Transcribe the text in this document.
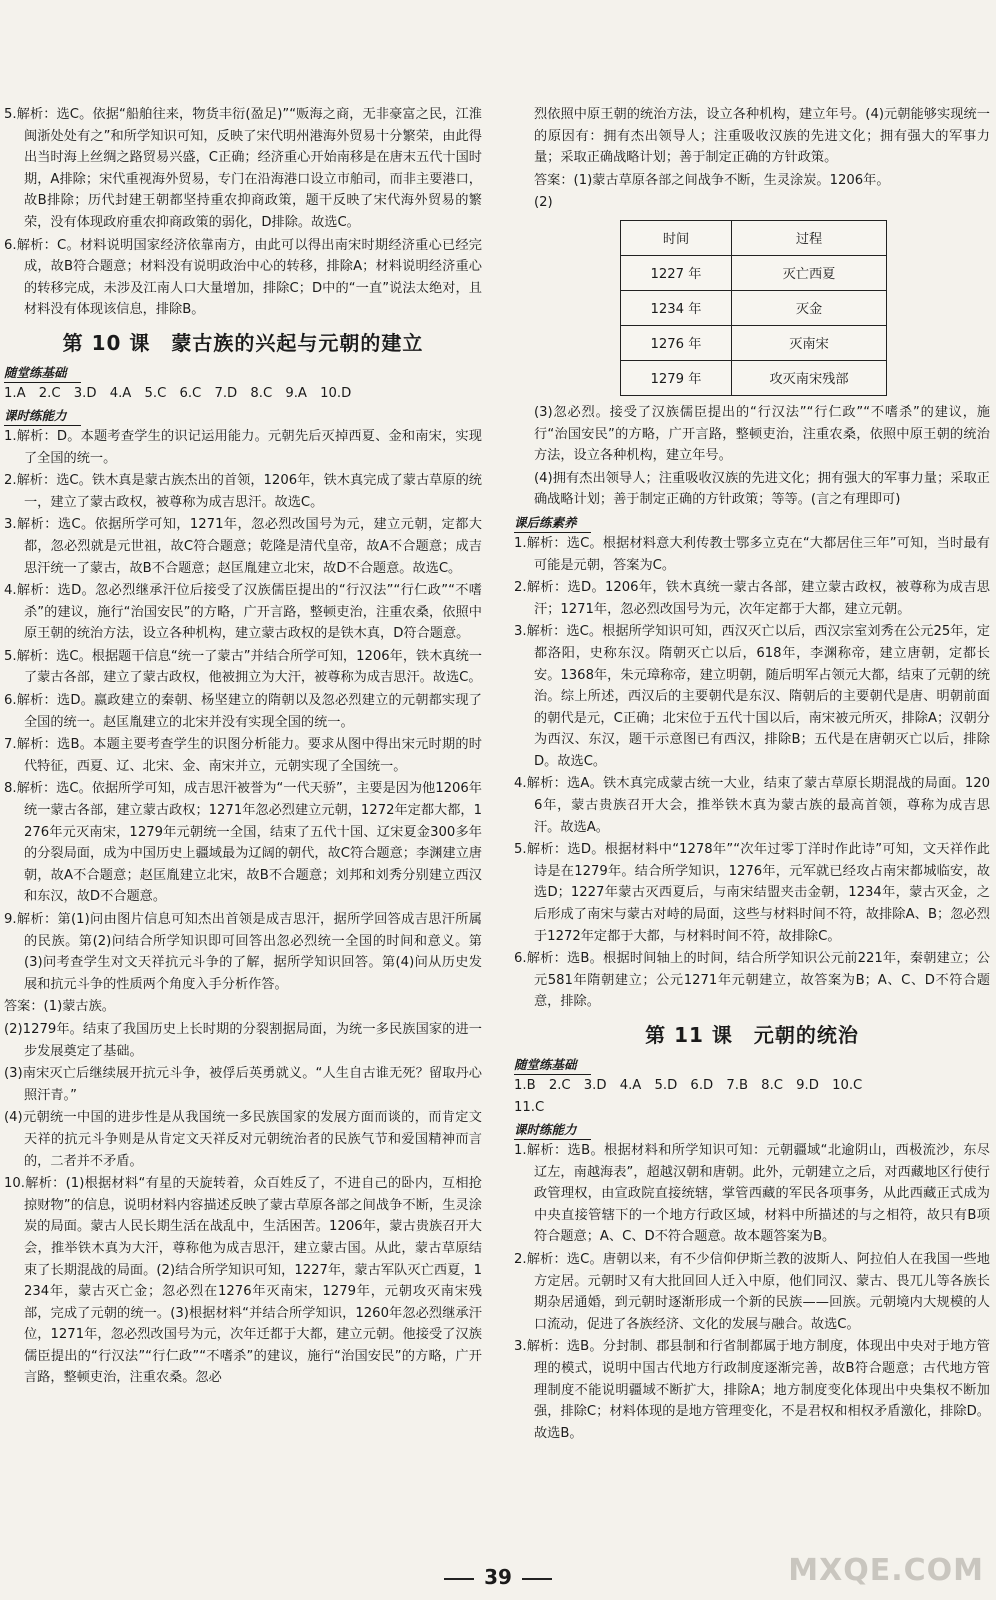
5.解析：选C。依据“船舶往来，物货丰衍(盈足)”“贩海之商，无非豪富之民，江淮闽浙处处有之”和所学知识可知，反映了宋代明州港海外贸易十分繁荣，由此得出当时海上丝绸之路贸易兴盛，C正确；经济重心开始南移是在唐末五代十国时期，A排除；宋代重视海外贸易，专门在沿海港口设立市舶司，而非主要港口，故B排除；历代封建王朝都坚持重农抑商政策，题干反映了宋代海外贸易的繁荣，没有体现政府重农抑商政策的弱化，D排除。故选C。

6.解析：C。材料说明国家经济依靠南方，由此可以得出南宋时期经济重心已经完成，故B符合题意；材料没有说明政治中心的转移，排除A；材料说明经济重心的转移完成，未涉及江南人口大量增加，排除C；D中的“一直”说法太绝对，且材料没有体现该信息，排除B。

第 10 课　蒙古族的兴起与元朝的建立
随堂练基础

1.A　2.C　3.D　4.A　5.C　6.C　7.D　8.C　9.A　10.D

课时练能力

1.解析：D。本题考查学生的识记运用能力。元朝先后灭掉西夏、金和南宋，实现了全国的统一。

2.解析：选C。铁木真是蒙古族杰出的首领，1206年，铁木真完成了蒙古草原的统一，建立了蒙古政权，被尊称为成吉思汗。故选C。

3.解析：选C。依据所学可知，1271年，忽必烈改国号为元，建立元朝，定都大都，忽必烈就是元世祖，故C符合题意；乾隆是清代皇帝，故A不合题意；成吉思汗统一了蒙古，故B不合题意；赵匡胤建立北宋，故D不合题意。故选C。

4.解析：选D。忽必烈继承汗位后接受了汉族儒臣提出的“行汉法”“行仁政”“不嗜杀”的建议，施行“治国安民”的方略，广开言路，整顿吏治，注重农桑，依照中原王朝的统治方法，设立各种机构，建立蒙古政权的是铁木真，D符合题意。

5.解析：选C。根据题干信息“统一了蒙古”并结合所学可知，1206年，铁木真统一了蒙古各部，建立了蒙古政权，他被拥立为大汗，被尊称为成吉思汗。故选C。

6.解析：选D。嬴政建立的秦朝、杨坚建立的隋朝以及忽必烈建立的元朝都实现了全国的统一。赵匡胤建立的北宋并没有实现全国的统一。

7.解析：选B。本题主要考查学生的识图分析能力。要求从图中得出宋元时期的时代特征，西夏、辽、北宋、金、南宋并立，元朝实现了全国统一。

8.解析：选C。依据所学可知，成吉思汗被誉为“一代天骄”，主要是因为他1206年统一蒙古各部，建立蒙古政权；1271年忽必烈建立元朝，1272年定都大都，1276年元灭南宋，1279年元朝统一全国，结束了五代十国、辽宋夏金300多年的分裂局面，成为中国历史上疆域最为辽阔的朝代，故C符合题意；李渊建立唐朝，故A不合题意；赵匡胤建立北宋，故B不合题意；刘邦和刘秀分别建立西汉和东汉，故D不合题意。

9.解析：第(1)问由图片信息可知杰出首领是成吉思汗，据所学回答成吉思汗所属的民族。第(2)问结合所学知识即可回答出忽必烈统一全国的时间和意义。第(3)问考查学生对文天祥抗元斗争的了解，据所学知识回答。第(4)问从历史发展和抗元斗争的性质两个角度入手分析作答。

答案：(1)蒙古族。

(2)1279年。结束了我国历史上长时期的分裂割据局面，为统一多民族国家的进一步发展奠定了基础。

(3)南宋灭亡后继续展开抗元斗争，被俘后英勇就义。“人生自古谁无死？留取丹心照汗青。”

(4)元朝统一中国的进步性是从我国统一多民族国家的发展方面而谈的，而肯定文天祥的抗元斗争则是从肯定文天祥反对元朝统治者的民族气节和爱国精神而言的，二者并不矛盾。

10.解析：(1)根据材料“有星的天旋转着，众百姓反了，不进自己的卧内，互相抢掠财物”的信息，说明材料内容描述反映了蒙古草原各部之间战争不断，生灵涂炭的局面。蒙古人民长期生活在战乱中，生活困苦。1206年，蒙古贵族召开大会，推举铁木真为大汗，尊称他为成吉思汗，建立蒙古国。从此，蒙古草原结束了长期混战的局面。(2)结合所学知识可知，1227年，蒙古军队灭亡西夏，1234年，蒙古灭亡金；忽必烈在1276年灭南宋，1279年，元朝攻灭南宋残部，完成了元朝的统一。(3)根据材料“并结合所学知识，1260年忽必烈继承汗位，1271年，忽必烈改国号为元，次年迁都于大都，建立元朝。他接受了汉族儒臣提出的“行汉法”“行仁政”“不嗜杀”的建议，施行“治国安民”的方略，广开言路，整顿吏治，注重农桑。忽必

烈依照中原王朝的统治方法，设立各种机构，建立年号。(4)元朝能够实现统一的原因有：拥有杰出领导人；注重吸收汉族的先进文化；拥有强大的军事力量；采取正确战略计划；善于制定正确的方针政策。

答案：(1)蒙古草原各部之间战争不断，生灵涂炭。1206年。

(2)

时间	过程
1227 年	灭亡西夏
1234 年	灭金
1276 年	灭南宋
1279 年	攻灭南宋残部

(3)忽必烈。接受了汉族儒臣提出的“行汉法”“行仁政”“不嗜杀”的建议，施行“治国安民”的方略，广开言路，整顿吏治，注重农桑，依照中原王朝的统治方法，设立各种机构，建立年号。

(4)拥有杰出领导人；注重吸收汉族的先进文化；拥有强大的军事力量；采取正确战略计划；善于制定正确的方针政策；等等。(言之有理即可)

课后练素养

1.解析：选C。根据材料意大利传教士鄂多立克在“大都居住三年”可知，当时最有可能是元朝，答案为C。

2.解析：选D。1206年，铁木真统一蒙古各部，建立蒙古政权，被尊称为成吉思汗；1271年，忽必烈改国号为元，次年定都于大都，建立元朝。

3.解析：选C。根据所学知识可知，西汉灭亡以后，西汉宗室刘秀在公元25年，定都洛阳，史称东汉。隋朝灭亡以后，618年，李渊称帝，建立唐朝，定都长安。1368年，朱元璋称帝，建立明朝，随后明军占领元大都，结束了元朝的统治。综上所述，西汉后的主要朝代是东汉、隋朝后的主要朝代是唐、明朝前面的朝代是元，C正确；北宋位于五代十国以后，南宋被元所灭，排除A；汉朝分为西汉、东汉，题干示意图已有西汉，排除B；五代是在唐朝灭亡以后，排除D。故选C。

4.解析：选A。铁木真完成蒙古统一大业，结束了蒙古草原长期混战的局面。1206年，蒙古贵族召开大会，推举铁木真为蒙古族的最高首领，尊称为成吉思汗。故选A。

5.解析：选D。根据材料中“1278年”“次年过零丁洋时作此诗”可知，文天祥作此诗是在1279年。结合所学知识，1276年，元军就已经攻占南宋都城临安，故选D；1227年蒙古灭西夏后，与南宋结盟夹击金朝，1234年，蒙古灭金，之后形成了南宋与蒙古对峙的局面，这些与材料时间不符，故排除A、B；忽必烈于1272年定都于大都，与材料时间不符，故排除C。

6.解析：选B。根据时间轴上的时间，结合所学知识公元前221年，秦朝建立；公元581年隋朝建立；公元1271年元朝建立，故答案为B；A、C、D不符合题意，排除。

第 11 课　元朝的统治
随堂练基础

1.B　2.C　3.D　4.A　5.D　6.D　7.B　8.C　9.D　10.C

11.C

课时练能力

1.解析：选B。根据材料和所学知识可知：元朝疆域“北逾阴山，西极流沙，东尽辽左，南越海表”，超越汉朝和唐朝。此外，元朝建立之后，对西藏地区行使行政管理权，由宣政院直接统辖，掌管西藏的军民各项事务，从此西藏正式成为中央直接管辖下的一个地方行政区域，材料中所描述的与之相符，故只有B项符合题意；A、C、D不符合题意。故本题答案为B。

2.解析：选C。唐朝以来，有不少信仰伊斯兰教的波斯人、阿拉伯人在我国一些地方定居。元朝时又有大批回回人迁入中原，他们同汉、蒙古、畏兀儿等各族长期杂居通婚，到元朝时逐渐形成一个新的民族——回族。元朝境内大规模的人口流动，促进了各族经济、文化的发展与融合。故选C。

3.解析：选B。分封制、郡县制和行省制都属于地方制度，体现出中央对于地方管理的模式，说明中国古代地方行政制度逐渐完善，故B符合题意；古代地方管理制度不能说明疆域不断扩大，排除A；地方制度变化体现出中央集权不断加强，排除C；材料体现的是地方管理变化，不是君权和相权矛盾激化，排除D。故选B。

39	MXQE.COM
